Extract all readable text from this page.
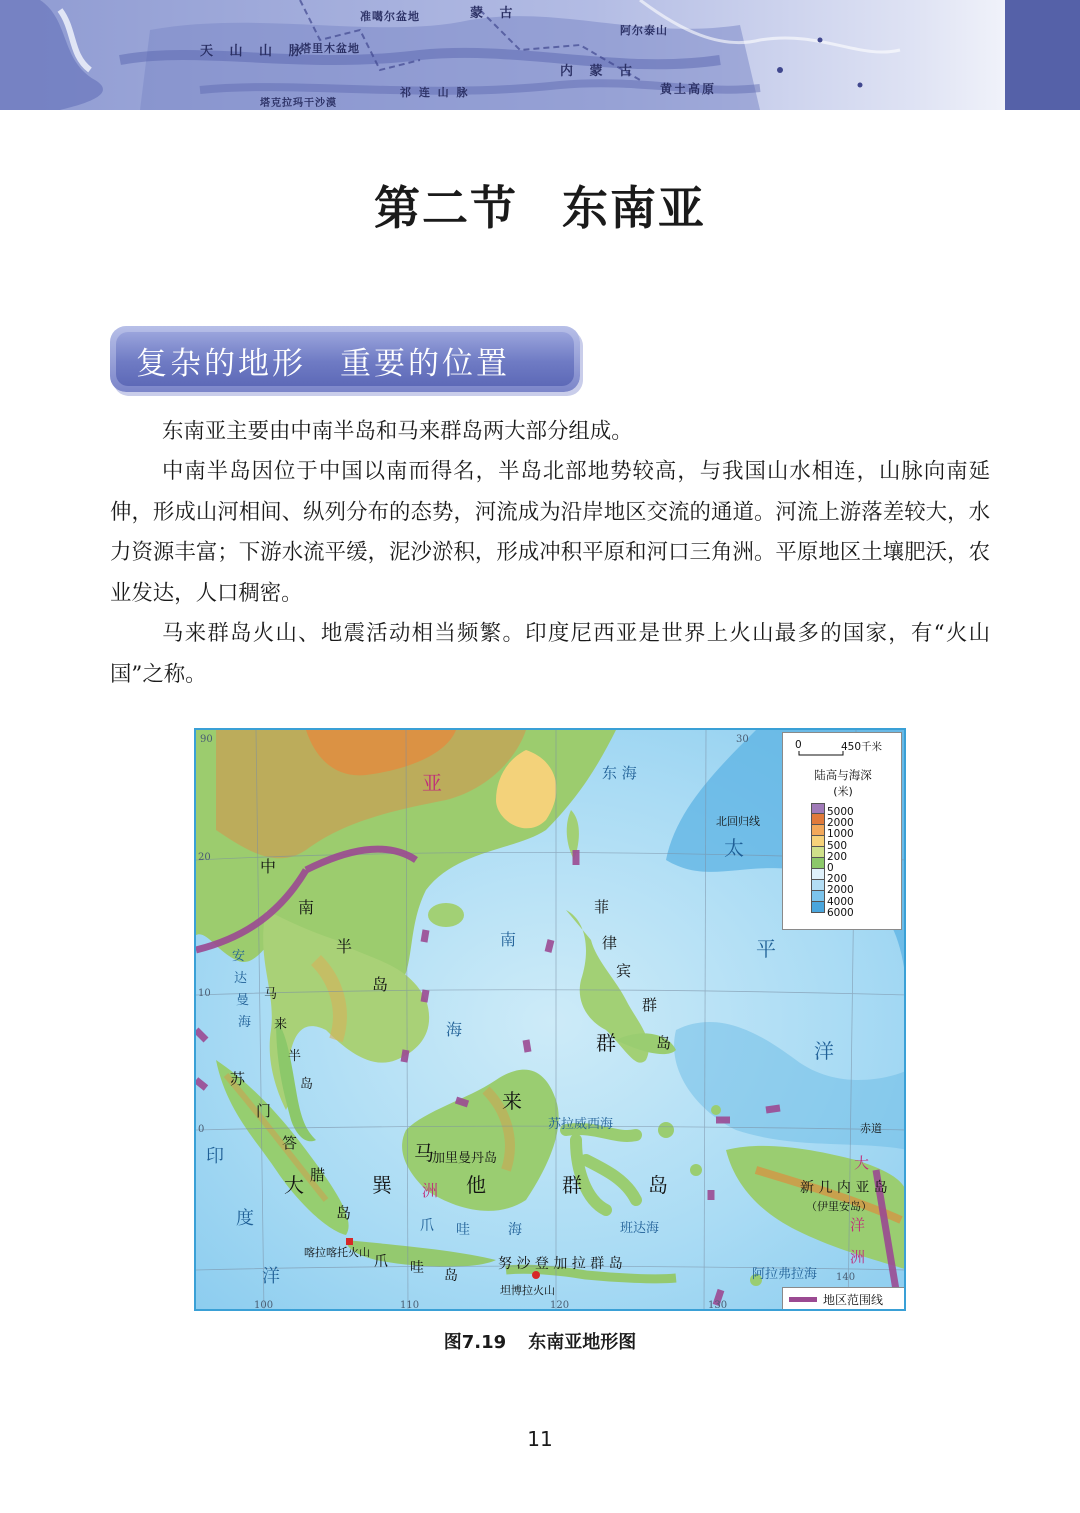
天 山 山 脉
准噶尔盆地	蒙 古
内 蒙 古
塔里木盆地
祁 连 山 脉	黄土高原
塔克拉玛干沙漠
阿尔泰山
第二节 东南亚
复杂的地形 重要的位置

东南亚主要由中南半岛和马来群岛两大部分组成。

中南半岛因位于中国以南而得名，半岛北部地势较高，与我国山水相连，山脉向南延伸，形成山河相间、纵列分布的态势，河流成为沿岸地区交流的通道。河流上游落差较大，水力资源丰富；下游水流平缓，泥沙淤积，形成冲积平原和河口三角洲。平原地区土壤肥沃，农业发达，人口稠密。

马来群岛火山、地震活动相当频繁。印度尼西亚是世界上火山最多的国家，有“火山国”之称。

亚	东 海
北回归线
太
平
洋
中
南
半
岛
安
达
曼
海
南
海
菲
律
宾
群
岛
马
来
半
岛
群
来
马
苏
门
答
腊
岛
加里曼丹岛
苏拉威西海
大	巽	他
洲	群	岛
爪 哇	海	班达海
新 几 内 亚 岛
（伊里安岛）
大
洋
洲
阿拉弗拉海
爪 哇 岛
努 沙 登 加 拉 群 岛
喀拉喀托火山
坦博拉火山
印
度
洋
赤道
20
10
0
100	110	120	130
140
90	30	0	450千米
陆高与海深
(米)
5000
2000
1000
500
200
0
200
2000
4000
6000
地区范围线
图7.19 东南亚地形图
11
